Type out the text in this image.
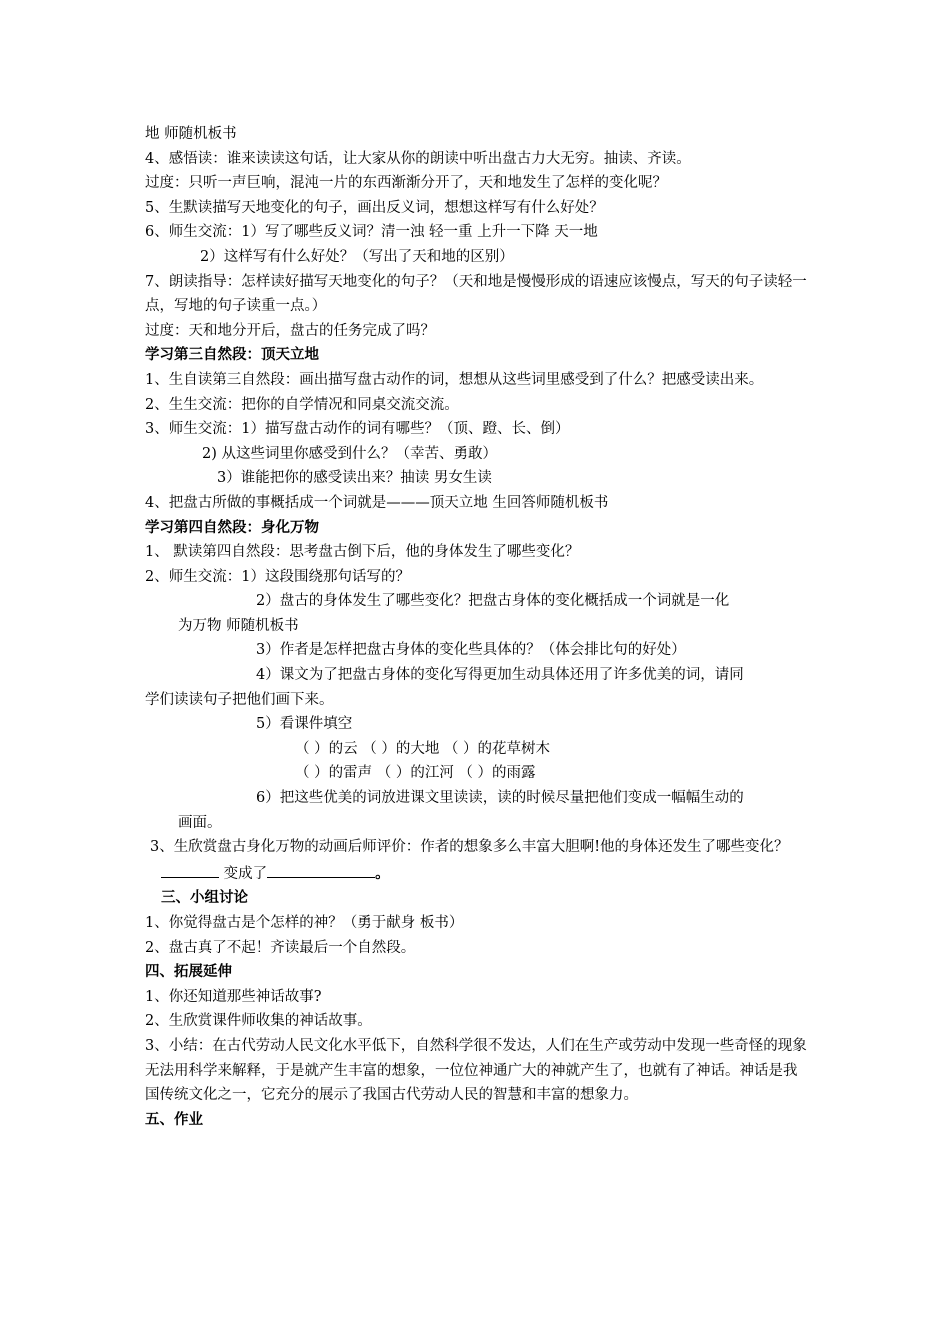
地 师随机板书
4、感悟读：谁来读读这句话，让大家从你的朗读中听出盘古力大无穷。抽读、齐读。
过度：只听一声巨响，混沌一片的东西渐渐分开了，天和地发生了怎样的变化呢？
5、生默读描写天地变化的句子，画出反义词，想想这样写有什么好处？
6、师生交流：1）写了哪些反义词？清一浊 轻一重 上升一下降 天一地
2）这样写有什么好处？（写出了天和地的区别）
7、朗读指导：怎样读好描写天地变化的句子？（天和地是慢慢形成的语速应该慢点，写天的句子读轻一点，写地的句子读重一点。）
过度：天和地分开后，盘古的任务完成了吗？
学习第三自然段：顶天立地
1、生自读第三自然段：画出描写盘古动作的词，想想从这些词里感受到了什么？把感受读出来。
2、生生交流：把你的自学情况和同桌交流交流。
3、师生交流：1）描写盘古动作的词有哪些？（顶、蹬、长、倒）
2) 从这些词里你感受到什么？（幸苦、勇敢）
3）谁能把你的感受读出来？抽读 男女生读
4、把盘古所做的事概括成一个词就是———顶天立地 生回答师随机板书
学习第四自然段：身化万物
1、 默读第四自然段：思考盘古倒下后，他的身体发生了哪些变化？
2、师生交流：1）这段围绕那句话写的？
2）盘古的身体发生了哪些变化？把盘古身体的变化概括成一个词就是一化
为万物 师随机板书
3）作者是怎样把盘古身体的变化些具体的？（体会排比句的好处）
4）课文为了把盘古身体的变化写得更加生动具体还用了许多优美的词，请同
学们读读句子把他们画下来。
5）看课件填空
（ ）的云 （ ）的大地 （ ）的花草树木
（ ）的雷声 （ ）的江河 （ ）的雨露
6）把这些优美的词放进课文里读读，读的时候尽量把他们变成一幅幅生动的
画面。
3、生欣赏盘古身化万物的动画后师评价：作者的想象多么丰富大胆啊!他的身体还发生了哪些变化？
变成了	。
三、小组讨论
1、你觉得盘古是个怎样的神？（勇于献身 板书）
2、盘古真了不起！齐读最后一个自然段。
四、拓展延伸
1、你还知道那些神话故事?
2、生欣赏课件师收集的神话故事。
3、小结：在古代劳动人民文化水平低下，自然科学很不发达，人们在生产或劳动中发现一些奇怪的现象无法用科学来解释，于是就产生丰富的想象，一位位神通广大的神就产生了，也就有了神话。神话是我国传统文化之一，它充分的展示了我国古代劳动人民的智慧和丰富的想象力。
五、作业
